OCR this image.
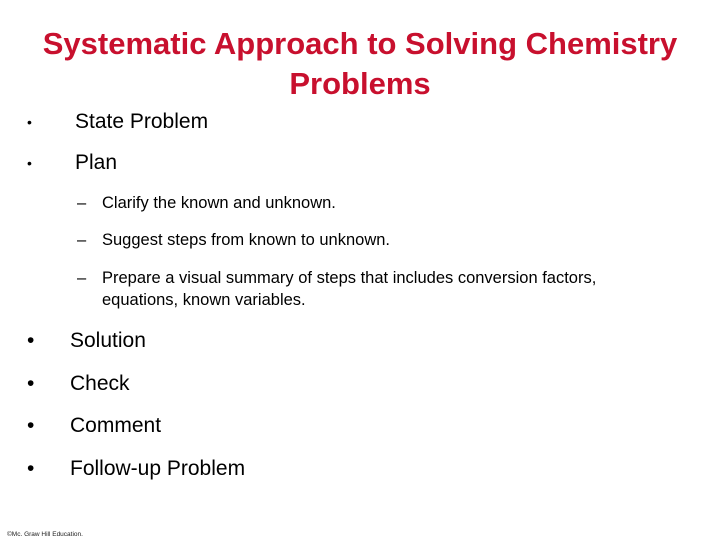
Systematic Approach to Solving Chemistry Problems
• State Problem
• Plan
– Clarify the known and unknown.
– Suggest steps from known to unknown.
– Prepare a visual summary of steps that includes conversion factors, equations, known variables.
• Solution
• Check
• Comment
• Follow-up Problem
©Mc. Graw Hill Education.
